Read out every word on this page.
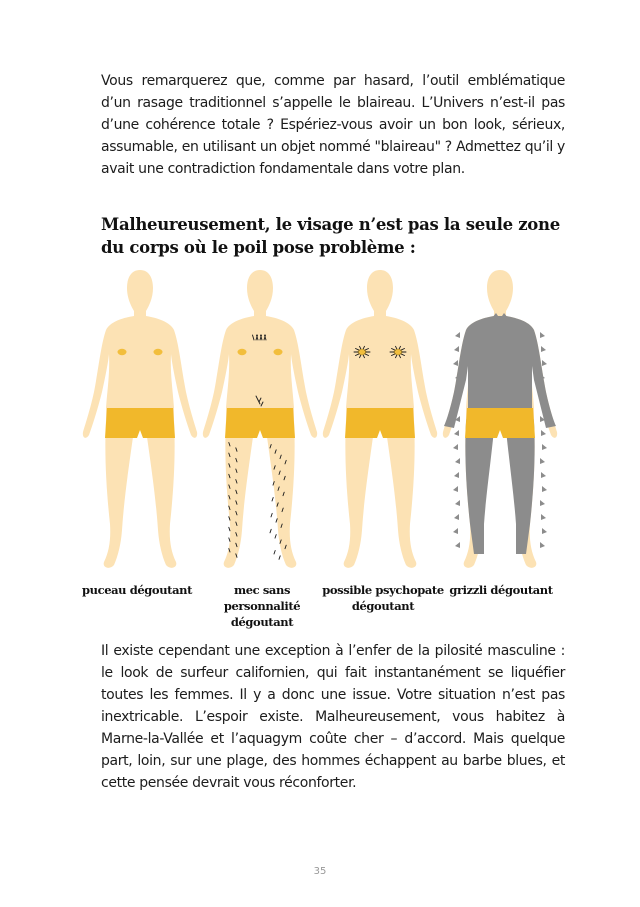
Vous remarquerez que, comme par hasard, l’outil emblématique d’un rasage traditionnel s’appelle le blaireau. L’Univers n’est-il pas d’une cohérence totale ? Espériez-vous avoir un bon look, sérieux, assumable, en utilisant un objet nommé "blaireau" ? Admettez qu’il y avait une contradiction fondamentale dans votre plan.

Malheureusement, le visage n’est pas la seule zone du corps où le poil pose problème :

puceau dégoutant	mec sans personnalité dégoutant

possible psychopate dégoutant

grizzli dégoutant

Il existe cependant une exception à l’enfer de la pilosité masculine : le look de surfeur californien, qui fait instantanément se liquéfier toutes les femmes. Il y a donc une issue. Votre situation n’est pas inextricable. L’espoir existe. Malheureusement, vous habitez à Marne-la-Vallée et l’aquagym coûte cher – d’accord. Mais quelque part, loin, sur une plage, des hommes échappent au barbe blues, et cette pensée devrait vous réconforter.

35
